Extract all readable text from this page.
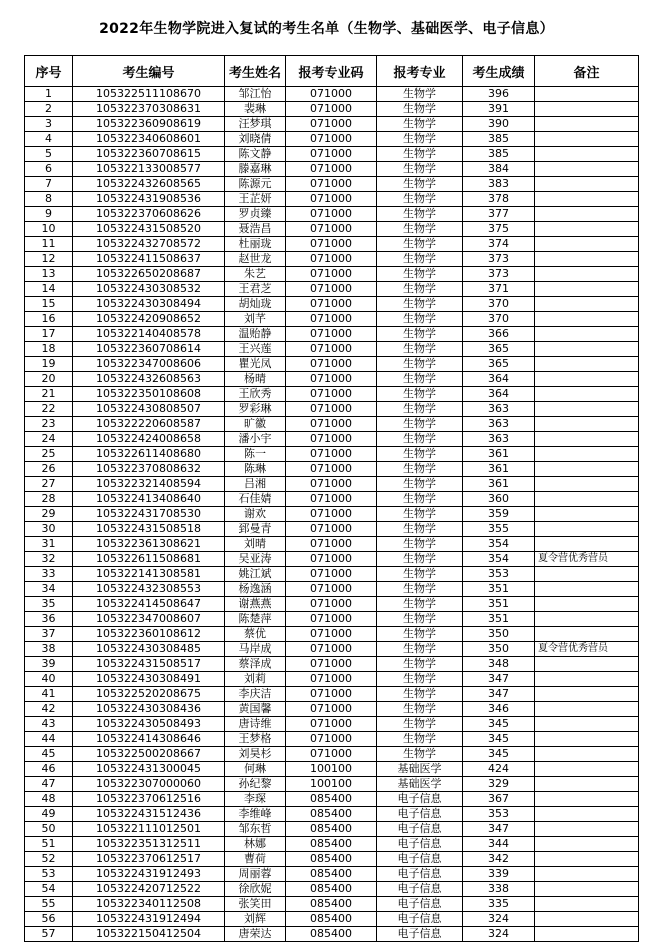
2022年生物学院进入复试的考生名单（生物学、基础医学、电子信息）
序号	考生编号	考生姓名	报考专业码	报考专业	考生成绩	备注
1	105322511108670	邹江怡	071000	生物学	396	
2	105322370308631	裴琳	071000	生物学	391	
3	105322360908619	汪梦琪	071000	生物学	390	
4	105322340608601	刘晓倩	071000	生物学	385	
5	105322360708615	陈文静	071000	生物学	385	
6	105322133008577	滕嘉琳	071000	生物学	384	
7	105322432608565	陈源元	071000	生物学	383	
8	105322431908536	王芷妍	071000	生物学	378	
9	105322370608626	罗贞臻	071000	生物学	377	
10	105322431508520	聂浩昌	071000	生物学	375	
11	105322432708572	杜丽珑	071000	生物学	374	
12	105322411508637	赵世龙	071000	生物学	373	
13	105322650208687	朱艺	071000	生物学	373	
14	105322430308532	王君芝	071000	生物学	371	
15	105322430308494	胡灿珑	071000	生物学	370	
16	105322420908652	刘芊	071000	生物学	370	
17	105322140408578	温贻静	071000	生物学	366	
18	105322360708614	王兴莲	071000	生物学	365	
19	105322347008606	瞿光凤	071000	生物学	365	
20	105322432608563	杨晴	071000	生物学	364	
21	105322350108608	王欣秀	071000	生物学	364	
22	105322430808507	罗彩琳	071000	生物学	363	
23	105322220608587	旷徽	071000	生物学	363	
24	105322424008658	潘小宇	071000	生物学	363	
25	105322611408680	陈一	071000	生物学	361	
26	105322370808632	陈琳	071000	生物学	361	
27	105322321408594	吕湘	071000	生物学	361	
28	105322413408640	石佳婧	071000	生物学	360	
29	105322431708530	谢欢	071000	生物学	359	
30	105322431508518	郅曼青	071000	生物学	355	
31	105322361308621	刘晴	071000	生物学	354	
32	105322611508681	吴亚涛	071000	生物学	354	夏令营优秀营员
33	105322141308581	姚江斌	071000	生物学	353	
34	105322432308553	杨逸涵	071000	生物学	351	
35	105322414508647	谢燕燕	071000	生物学	351	
36	105322347008607	陈楚萍	071000	生物学	351	
37	105322360108612	蔡优	071000	生物学	350	
38	105322430308485	马岸成	071000	生物学	350	夏令营优秀营员
39	105322431508517	蔡泽成	071000	生物学	348	
40	105322430308491	刘莉	071000	生物学	347	
41	105322520208675	李庆洁	071000	生物学	347	
42	105322430308436	黄国馨	071000	生物学	346	
43	105322430508493	唐诗维	071000	生物学	345	
44	105322414308646	王梦格	071000	生物学	345	
45	105322500208667	刘昊杉	071000	生物学	345	
46	105322431300045	何琳	100100	基础医学	424	
47	105322307000060	孙纪黎	100100	基础医学	329	
48	105322370612516	李琛	085400	电子信息	367	
49	105322431512436	李维峰	085400	电子信息	353	
50	105322111012501	邹东哲	085400	电子信息	347	
51	105322351312511	林娜	085400	电子信息	344	
52	105322370612517	曹荷	085400	电子信息	342	
53	105322431912493	周丽蓉	085400	电子信息	339	
54	105322420712522	徐欣妮	085400	电子信息	338	
55	105322340112508	张笑田	085400	电子信息	335	
56	105322431912494	刘辉	085400	电子信息	324	
57	105322150412504	唐荣达	085400	电子信息	324	
